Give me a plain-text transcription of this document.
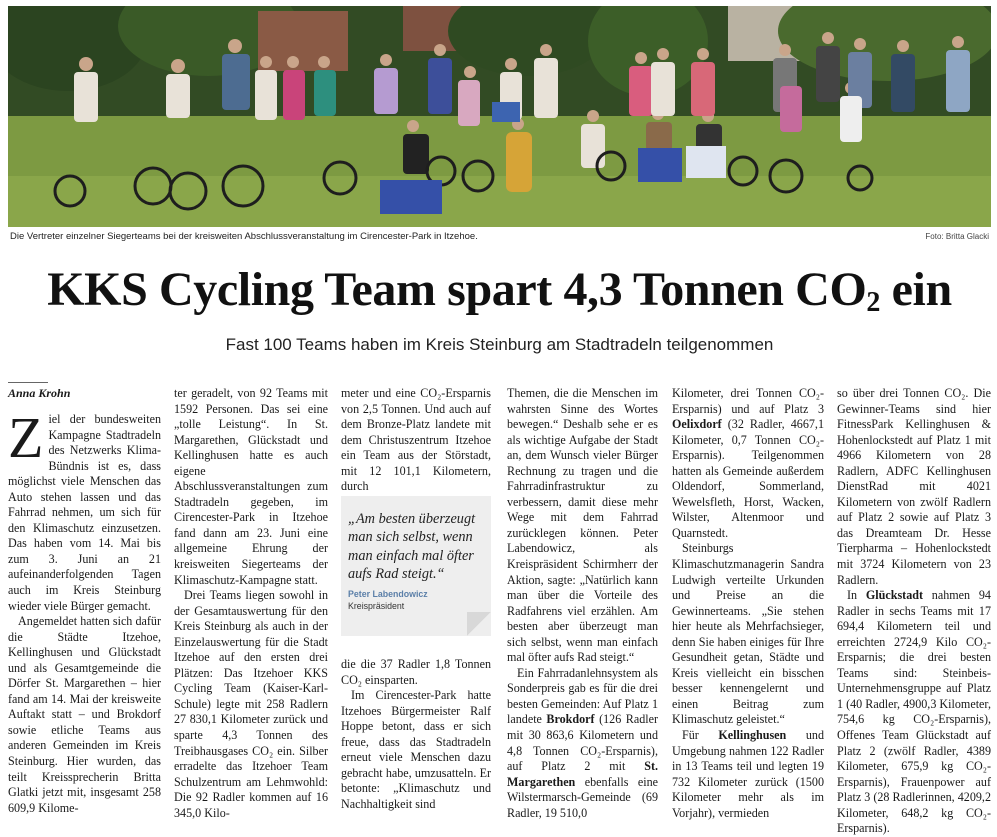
Die Vertreter einzelner Siegerteams bei der kreisweiten Abschlussveranstaltung im Cirencester-Park in Itzehoe.	Foto: Britta Glacki
KKS Cycling Team spart 4,3 Tonnen $CO_2$ ein
Fast 100 Teams haben im Kreis Steinburg am Stadtradeln teilgenommen
Anna Krohn

Ziel der bundesweiten Kampagne Stadtradeln des Netzwerks Klima-Bündnis ist es, dass möglichst viele Menschen das Auto stehen lassen und das Fahrrad nehmen, um sich für den Klimaschutz einzusetzen. Das haben vom 14. Mai bis zum 3. Juni an 21 aufeinanderfolgenden Tagen auch im Kreis Steinburg wieder viele Bürger gemacht.

Angemeldet hatten sich dafür die Städte Itzehoe, Kellinghusen und Glückstadt und als Gesamtgemeinde die Dörfer St. Margarethen – hier fand am 14. Mai der kreisweite Auftakt statt – und Brokdorf sowie etliche Teams aus anderen Gemeinden im Kreis Steinburg. Hier wurden, das teilt Kreissprecherin Britta Glatki jetzt mit, insgesamt 258 609,9 Kilome-

ter geradelt, von 92 Teams mit 1592 Personen. Das sei eine „tolle Leistung“. In St. Margarethen, Glückstadt und Kellinghusen hatte es auch eigene Abschlussveranstaltungen zum Stadtradeln gegeben, im Cirencester-Park in Itzehoe fand dann am 23. Juni eine allgemeine Ehrung der kreisweiten Siegerteams der Klimaschutz-Kampagne statt.

Drei Teams liegen sowohl in der Gesamtauswertung für den Kreis Steinburg als auch in der Einzelauswertung für die Stadt Itzehoe auf den ersten drei Plätzen: Das Itzehoer KKS Cycling Team (Kaiser-Karl-Schule) legte mit 258 Radlern 27 830,1 Kilometer zurück und sparte 4,3 Tonnen des Treibhausgases CO₂ ein. Silber erradelte das Itzehoer Team Schulzentrum am Lehmwohld: Die 92 Radler kommen auf 16 345,0 Kilo-

meter und eine CO₂-Ersparnis von 2,5 Tonnen. Und auch auf dem Bronze-Platz landete mit dem Christuszentrum Itzehoe ein Team aus der Störstadt, mit 12 101,1 Kilometern, durch

„Am besten überzeugt man sich selbst, wenn man einfach mal öfter aufs Rad steigt.“
Peter Labendowicz
Kreispräsident

die die 37 Radler 1,8 Tonnen CO₂ einsparten.

Im Cirencester-Park hatte Itzehoes Bürgermeister Ralf Hoppe betont, dass er sich freue, dass das Stadtradeln erneut viele Menschen dazu gebracht habe, umzusatteln. Er betonte: „Klimaschutz und Nachhaltigkeit sind

Themen, die die Menschen im wahrsten Sinne des Wortes bewegen.“ Deshalb sehe er es als wichtige Aufgabe der Stadt an, dem Wunsch vieler Bürger Rechnung zu tragen und die Fahrradinfrastruktur zu verbessern, damit diese mehr Wege mit dem Fahrrad zurücklegen können. Peter Labendowicz, als Kreispräsident Schirmherr der Aktion, sagte: „Natürlich kann man über die Vorteile des Radfahrens viel erzählen. Am besten aber überzeugt man sich selbst, wenn man einfach mal öfter aufs Rad steigt.“

Ein Fahrradanlehnsystem als Sonderpreis gab es für die drei besten Gemeinden: Auf Platz 1 landete Brokdorf (126 Radler mit 30 863,6 Kilometern und 4,8 Tonnen CO₂-Ersparnis), auf Platz 2 mit St. Margarethen ebenfalls eine Wilstermarsch-Gemeinde (69 Radler, 19 510,0

Kilometer, drei Tonnen CO₂-Ersparnis) und auf Platz 3 Oelixdorf (32 Radler, 4667,1 Kilometer, 0,7 Tonnen CO₂-Ersparnis). Teilgenommen hatten als Gemeinde außerdem Oldendorf, Sommerland, Wewelsfleth, Horst, Wacken, Wilster, Altenmoor und Quarnstedt.

Steinburgs Klimaschutzmanagerin Sandra Ludwigh verteilte Urkunden und Preise an die Gewinnerteams. „Sie stehen hier heute als Mehrfachsieger, denn Sie haben einiges für Ihre Gesundheit getan, Städte und Kreis vielleicht ein bisschen besser kennengelernt und einen Beitrag zum Klimaschutz geleistet.“

Für Kellinghusen und Umgebung nahmen 122 Radler in 13 Teams teil und legten 19 732 Kilometer zurück (1500 Kilometer mehr als im Vorjahr), vermieden

so über drei Tonnen CO₂. Die Gewinner-Teams sind hier FitnessPark Kellinghusen & Hohenlockstedt auf Platz 1 mit 4966 Kilometern von 28 Radlern, ADFC Kellinghusen DienstRad mit 4021 Kilometern von zwölf Radlern auf Platz 2 sowie auf Platz 3 das Dreamteam Dr. Hesse Tierpharma – Hohenlockstedt mit 3724 Kilometern von 23 Radlern.

In Glückstadt nahmen 94 Radler in sechs Teams mit 17 694,4 Kilometern teil und erreichten 2724,9 Kilo CO₂-Ersparnis; die drei besten Teams sind: Steinbeis-Unternehmensgruppe auf Platz 1 (40 Radler, 4900,3 Kilometer, 754,6 kg CO₂-Ersparnis), Offenes Team Glückstadt auf Platz 2 (zwölf Radler, 4389 Kilometer, 675,9 kg CO₂-Ersparnis), Frauenpower auf Platz 3 (28 Radlerinnen, 4209,2 Kilometer, 648,2 kg CO₂-Ersparnis).
